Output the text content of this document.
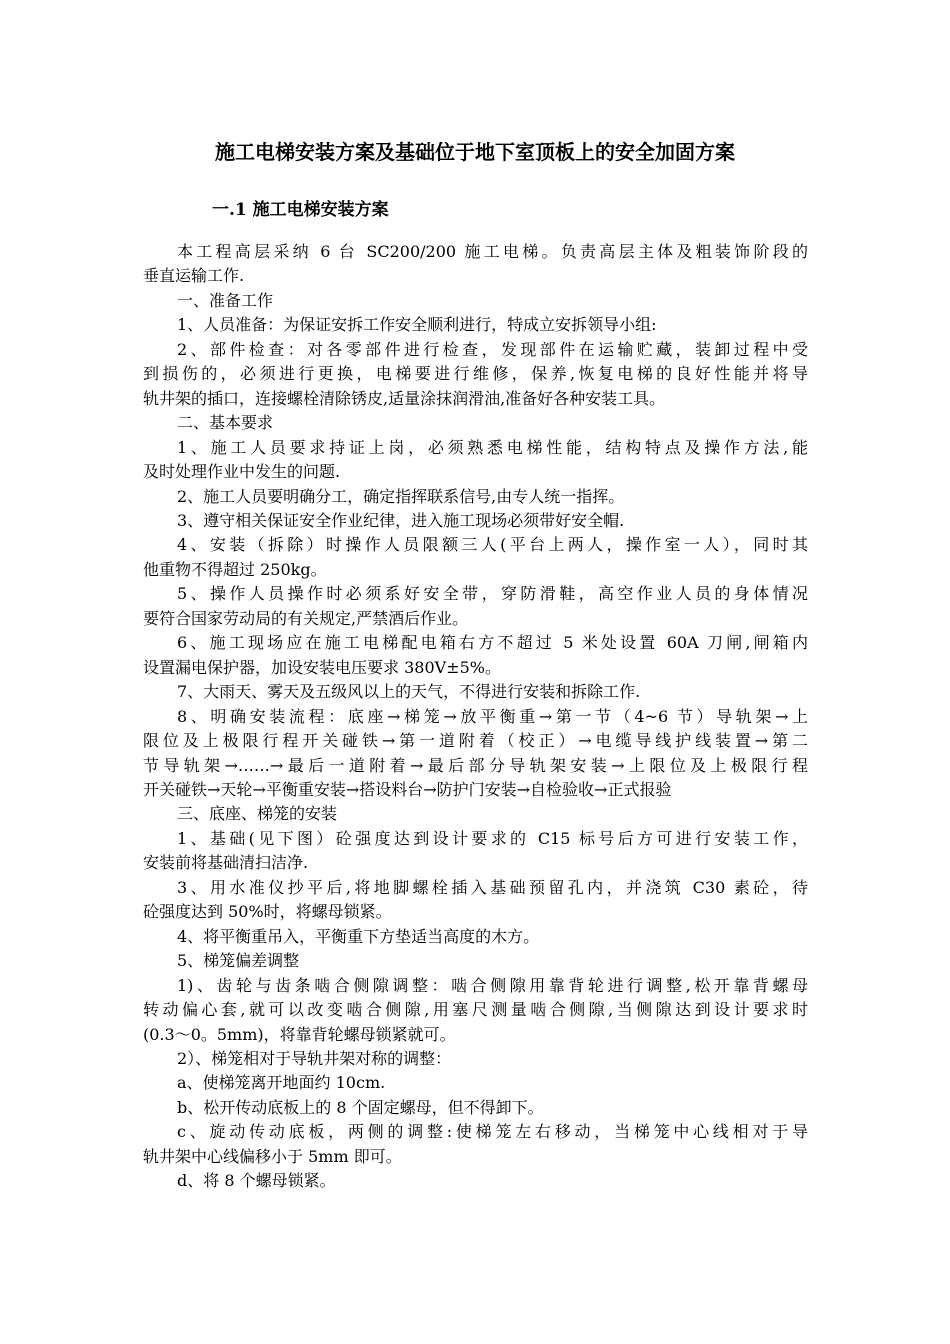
施工电梯安装方案及基础位于地下室顶板上的安全加固方案
一.1 施工电梯安装方案

本工程高层采纳 6 台 SC200/200 施工电梯。负责高层主体及粗装饰阶段的

垂直运输工作.

一、准备工作

1、人员准备：为保证安拆工作安全顺利进行，特成立安拆领导小组:

2、部件检查：对各零部件进行检查，发现部件在运输贮藏，装卸过程中受

到损伤的，必须进行更换，电梯要进行维修，保养,恢复电梯的良好性能并将导

轨井架的插口，连接螺栓清除锈皮,适量涂抹润滑油,准备好各种安装工具。

二、基本要求

1、施工人员要求持证上岗，必须熟悉电梯性能，结构特点及操作方法,能

及时处理作业中发生的问题.

2、施工人员要明确分工，确定指挥联系信号,由专人统一指挥。

3、遵守相关保证安全作业纪律，进入施工现场必须带好安全帽.

4、安装（拆除）时操作人员限额三人(平台上两人，操作室一人），同时其

他重物不得超过 250kg。

5、操作人员操作时必须系好安全带，穿防滑鞋，高空作业人员的身体情况

要符合国家劳动局的有关规定,严禁酒后作业。

6、施工现场应在施工电梯配电箱右方不超过 5 米处设置 60A 刀闸,闸箱内

设置漏电保护器，加设安装电压要求 380V±5%。

7、大雨天、雾天及五级风以上的天气，不得进行安装和拆除工作.

8、明确安装流程：底座→梯笼→放平衡重→第一节（4~6 节）导轨架→上

限位及上极限行程开关碰铁→第一道附着（校正）→电缆导线护线装置→第二

节导轨架→……→最后一道附着→最后部分导轨架安装→上限位及上极限行程

开关碰铁→天轮→平衡重安装→搭设料台→防护门安装→自检验收→正式报验

三、底座、梯笼的安装

1、基础(见下图）砼强度达到设计要求的 C15 标号后方可进行安装工作，

安装前将基础清扫洁净.

3、用水准仪抄平后,将地脚螺栓插入基础预留孔内，并浇筑 C30 素砼，待

砼强度达到 50%时，将螺母锁紧。

4、将平衡重吊入，平衡重下方垫适当高度的木方。

5、梯笼偏差调整

1)、齿轮与齿条啮合侧隙调整：啮合侧隙用靠背轮进行调整,松开靠背螺母

转动偏心套,就可以改变啮合侧隙,用塞尺测量啮合侧隙,当侧隙达到设计要求时

(0.3～0。5mm)，将靠背轮螺母锁紧就可。

2）、梯笼相对于导轨井架对称的调整：

a、使梯笼离开地面约 10cm.

b、松开传动底板上的 8 个固定螺母，但不得卸下。

c、旋动传动底板，两侧的调整:使梯笼左右移动，当梯笼中心线相对于导

轨井架中心线偏移小于 5mm 即可。

d、将 8 个螺母锁紧。
